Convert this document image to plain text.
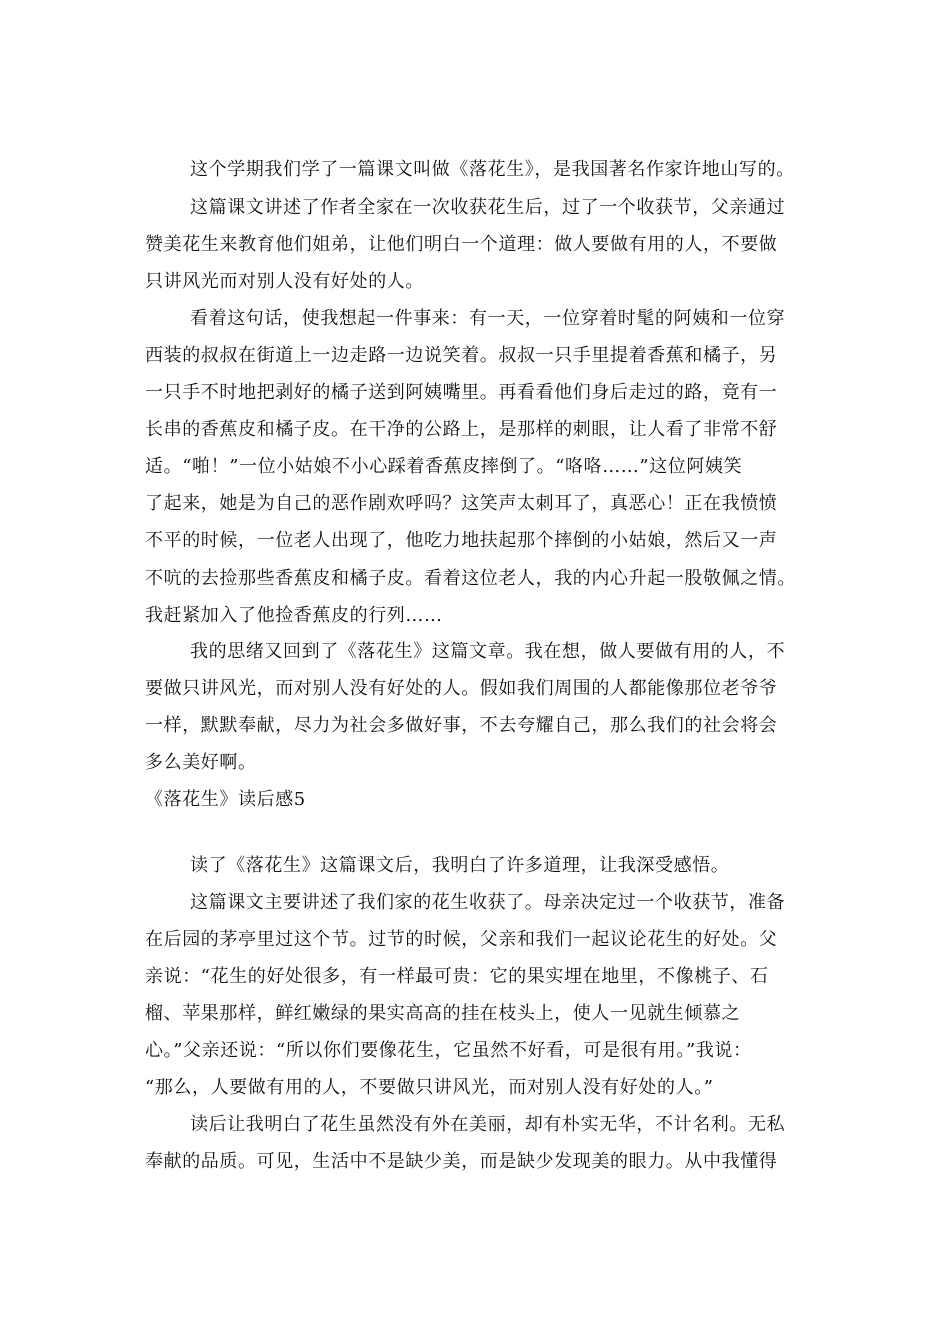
这个学期我们学了一篇课文叫做《落花生》，是我国著名作家许地山写的。
这篇课文讲述了作者全家在一次收获花生后，过了一个收获节，父亲通过
赞美花生来教育他们姐弟，让他们明白一个道理：做人要做有用的人，不要做
只讲风光而对别人没有好处的人。
看着这句话，使我想起一件事来：有一天，一位穿着时髦的阿姨和一位穿
西装的叔叔在街道上一边走路一边说笑着。叔叔一只手里提着香蕉和橘子，另
一只手不时地把剥好的橘子送到阿姨嘴里。再看看他们身后走过的路，竟有一
长串的香蕉皮和橘子皮。在干净的公路上，是那样的刺眼，让人看了非常不舒
适。“啪！”一位小姑娘不小心踩着香蕉皮摔倒了。“咯咯……”这位阿姨笑
了起来，她是为自己的恶作剧欢呼吗？这笑声太刺耳了，真恶心！正在我愤愤
不平的时候，一位老人出现了，他吃力地扶起那个摔倒的小姑娘，然后又一声
不吭的去捡那些香蕉皮和橘子皮。看着这位老人，我的内心升起一股敬佩之情。
我赶紧加入了他捡香蕉皮的行列……
我的思绪又回到了《落花生》这篇文章。我在想，做人要做有用的人，不
要做只讲风光，而对别人没有好处的人。假如我们周围的人都能像那位老爷爷
一样，默默奉献，尽力为社会多做好事，不去夸耀自己，那么我们的社会将会
多么美好啊。
《落花生》读后感5
读了《落花生》这篇课文后，我明白了许多道理，让我深受感悟。
这篇课文主要讲述了我们家的花生收获了。母亲决定过一个收获节，准备
在后园的茅亭里过这个节。过节的时候，父亲和我们一起议论花生的好处。父
亲说：“花生的好处很多，有一样最可贵：它的果实埋在地里，不像桃子、石
榴、苹果那样，鲜红嫩绿的果实高高的挂在枝头上，使人一见就生倾慕之
心。”父亲还说：“所以你们要像花生，它虽然不好看，可是很有用。”我说：
“那么，人要做有用的人，不要做只讲风光，而对别人没有好处的人。”
读后让我明白了花生虽然没有外在美丽，却有朴实无华，不计名利。无私
奉献的品质。可见，生活中不是缺少美，而是缺少发现美的眼力。从中我懂得
